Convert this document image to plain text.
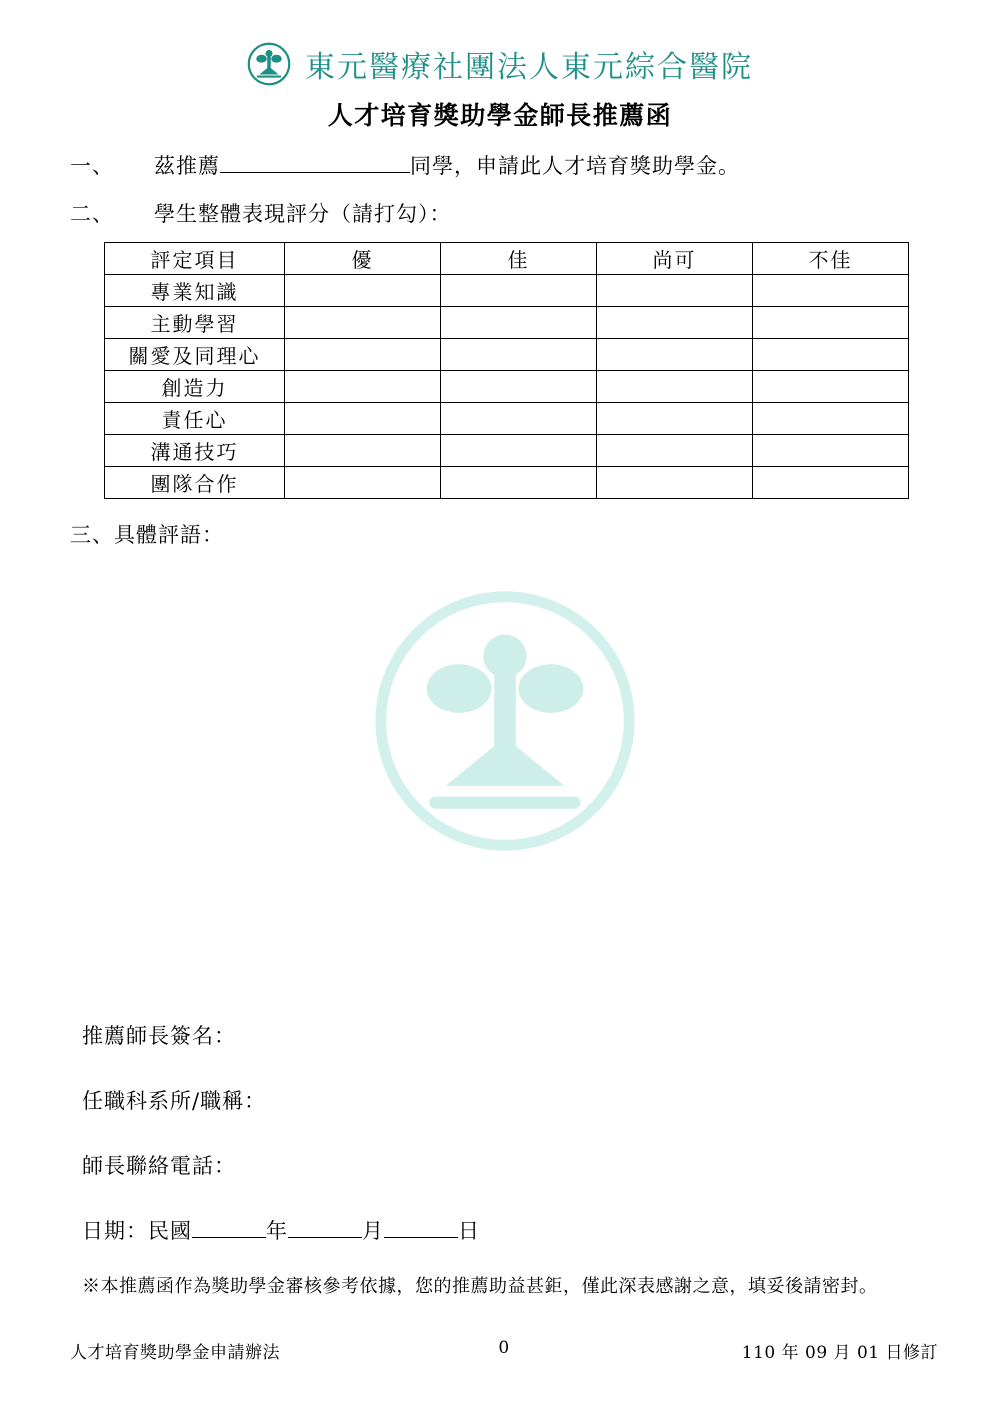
東元醫療社團法人東元綜合醫院
人才培育獎助學金師長推薦函
一、	茲推薦	同學，申請此人才培育獎助學金。
二、	學生整體表現評分（請打勾）：
評定項目	優	佳	尚可	不佳
專業知識				
主動學習				
關愛及同理心				
創造力				
責任心				
溝通技巧				
團隊合作				
三、具體評語：
推薦師長簽名：
任職科系所/職稱：
師長聯絡電話：
日期：民國	年	月	日
※本推薦函作為獎助學金審核參考依據，您的推薦助益甚鉅，僅此深表感謝之意，填妥後請密封。
人才培育獎助學金申請辦法	0	110 年 09 月 01 日修訂
